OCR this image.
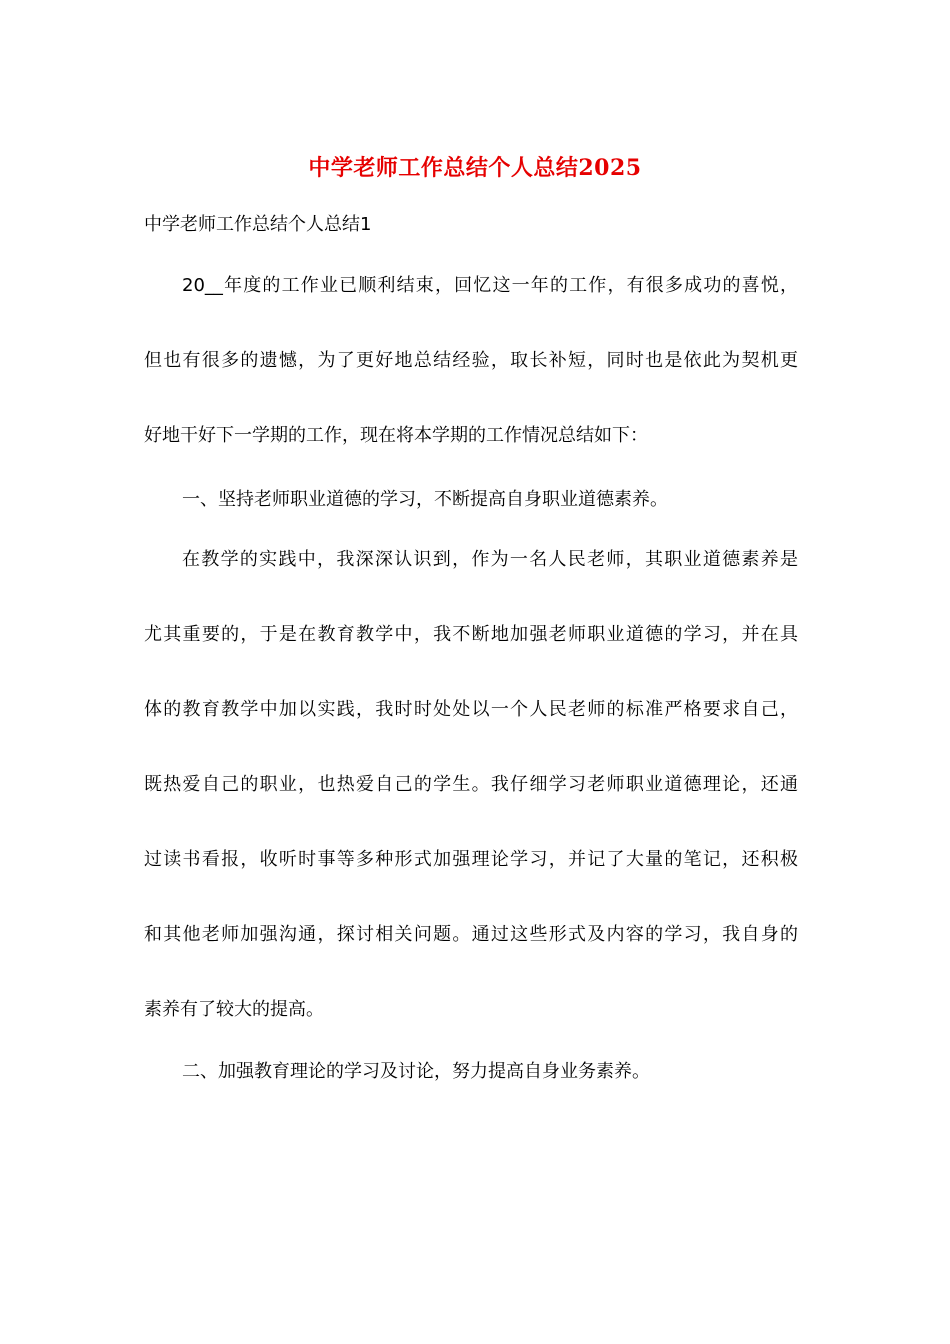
中学老师工作总结个人总结2025
中学老师工作总结个人总结1
20__年度的工作业已顺利结束，回忆这一年的工作，有很多成功的喜悦，
但也有很多的遗憾，为了更好地总结经验，取长补短，同时也是依此为契机更
好地干好下一学期的工作，现在将本学期的工作情况总结如下：
一、坚持老师职业道德的学习，不断提高自身职业道德素养。
在教学的实践中，我深深认识到，作为一名人民老师，其职业道德素养是
尤其重要的，于是在教育教学中，我不断地加强老师职业道德的学习，并在具
体的教育教学中加以实践，我时时处处以一个人民老师的标准严格要求自己，
既热爱自己的职业，也热爱自己的学生。我仔细学习老师职业道德理论，还通
过读书看报，收听时事等多种形式加强理论学习，并记了大量的笔记，还积极
和其他老师加强沟通，探讨相关问题。通过这些形式及内容的学习，我自身的
素养有了较大的提高。
二、加强教育理论的学习及讨论，努力提高自身业务素养。
